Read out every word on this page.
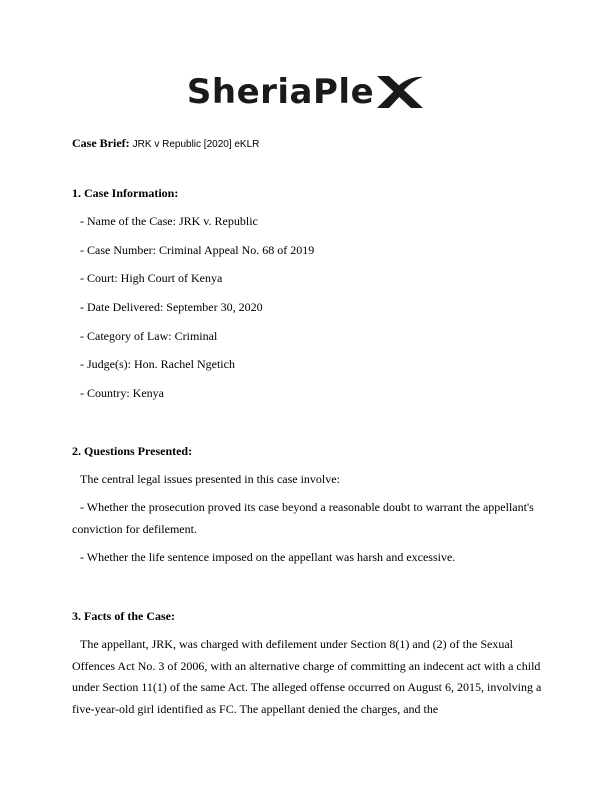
SheriaPle
Case Brief: JRK v Republic [2020] eKLR
1. Case Information:
- Name of the Case: JRK v. Republic
- Case Number: Criminal Appeal No. 68 of 2019
- Court: High Court of Kenya
- Date Delivered: September 30, 2020
- Category of Law: Criminal
- Judge(s): Hon. Rachel Ngetich
- Country: Kenya
2. Questions Presented:
The central legal issues presented in this case involve:

- Whether the prosecution proved its case beyond a reasonable doubt to warrant the appellant's conviction for defilement.

- Whether the life sentence imposed on the appellant was harsh and excessive.
3. Facts of the Case:

The appellant, JRK, was charged with defilement under Section 8(1) and (2) of the Sexual Offences Act No. 3 of 2006, with an alternative charge of committing an indecent act with a child under Section 11(1) of the same Act. The alleged offense occurred on August 6, 2015, involving a five-year-old girl identified as FC. The appellant denied the charges, and the
